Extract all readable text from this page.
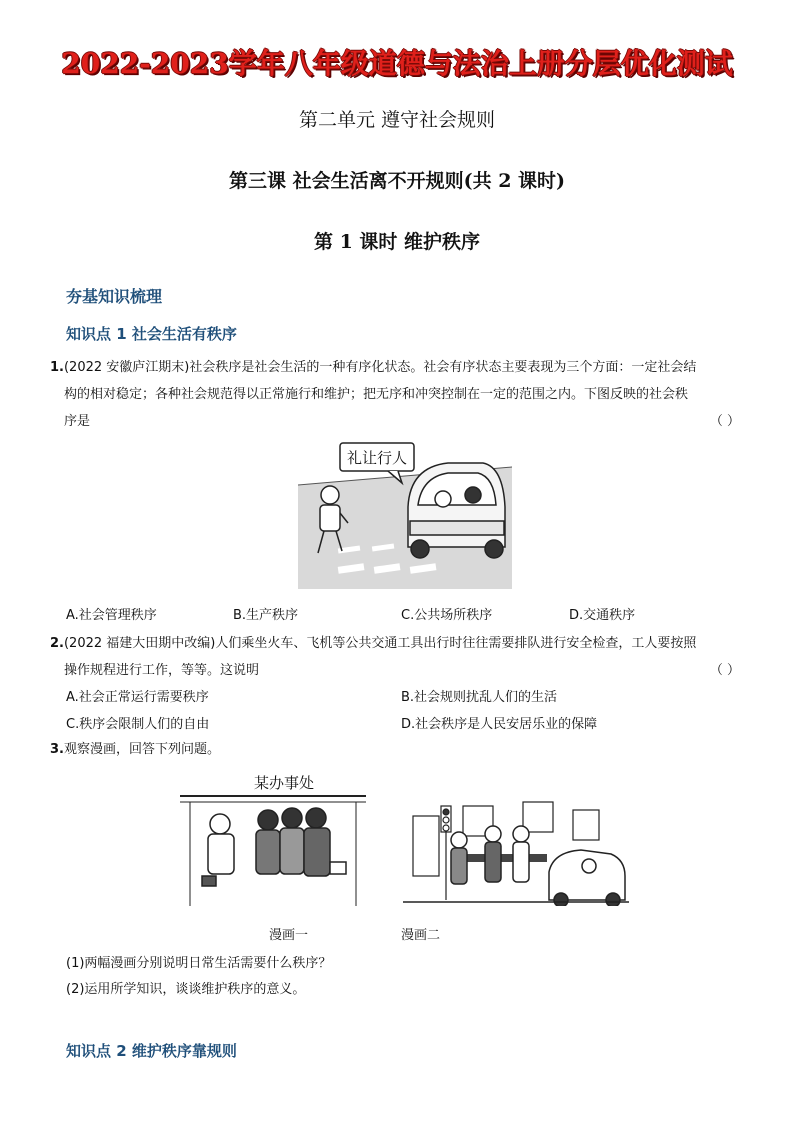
2022-2023学年八年级道德与法治上册分层优化测试
第二单元 遵守社会规则
第三课 社会生活离不开规则(共 2 课时)
第 1 课时 维护秩序
夯基知识梳理
知识点 1 社会生活有秩序
1.(2022 安徽庐江期末)社会秩序是社会生活的一种有序化状态。社会有序状态主要表现为三个方面：一定社会结
构的相对稳定；各种社会规范得以正常施行和维护；把无序和冲突控制在一定的范围之内。下图反映的社会秩
序是	（ ）
礼让行人
A.社会管理秩序	B.生产秩序	C.公共场所秩序	D.交通秩序
2.(2022 福建大田期中改编)人们乘坐火车、飞机等公共交通工具出行时往往需要排队进行安全检查，工人要按照
操作规程进行工作，等等。这说明	（ ）
A.社会正常运行需要秩序	B.社会规则扰乱人们的生活
C.秩序会限制人们的自由	D.社会秩序是人民安居乐业的保障
3.观察漫画，回答下列问题。
某办事处
漫画一	漫画二
(1)两幅漫画分别说明日常生活需要什么秩序？
(2)运用所学知识，谈谈维护秩序的意义。
知识点 2 维护秩序靠规则
